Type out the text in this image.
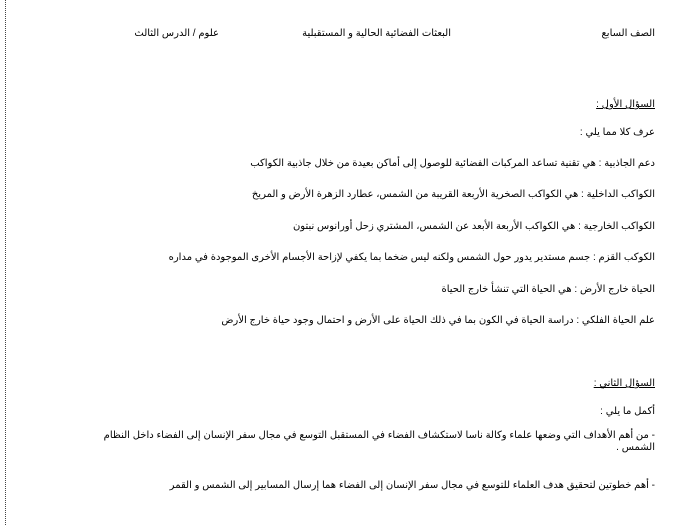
الصف السابع
البعثات الفضائية الحالية و المستقبلية
علوم / الدرس الثالث
السؤال الأول :
عرف كلا مما يلي :
دعم الجاذبية : هي تقنية تساعد المركبات الفضائية للوصول إلى أماكن بعيدة من خلال جاذبية الكواكب
الكواكب الداخلية : هي الكواكب الصخرية الأربعة القريبة من الشمس، عطارد الزهرة الأرض و المريخ
الكواكب الخارجية : هي الكواكب الأربعة الأبعد عن الشمس، المشتري زحل أورانوس نبتون
الكوكب القزم : جسم مستدير يدور حول الشمس ولكنه ليس ضخما بما يكفي لإزاحة الأجسام الأخرى الموجودة في مداره
الحياة خارج الأرض : هي الحياة التي تنشأ خارج الحياة
علم الحياة الفلكي : دراسة الحياة في الكون بما في ذلك الحياة على الأرض و احتمال وجود حياة خارج الأرض
السؤال الثاني :
أكمل ما يلي :
- من أهم الأهداف التي وضعها علماء وكالة ناسا لاستكشاف الفضاء في المستقبل التوسع في مجال سفر الإنسان إلى الفضاء داخل النظام الشمس .
- أهم خطوتين لتحقيق هدف العلماء للتوسع في مجال سفر الإنسان إلى الفضاء هما إرسال المسابير إلى الشمس و القمر
